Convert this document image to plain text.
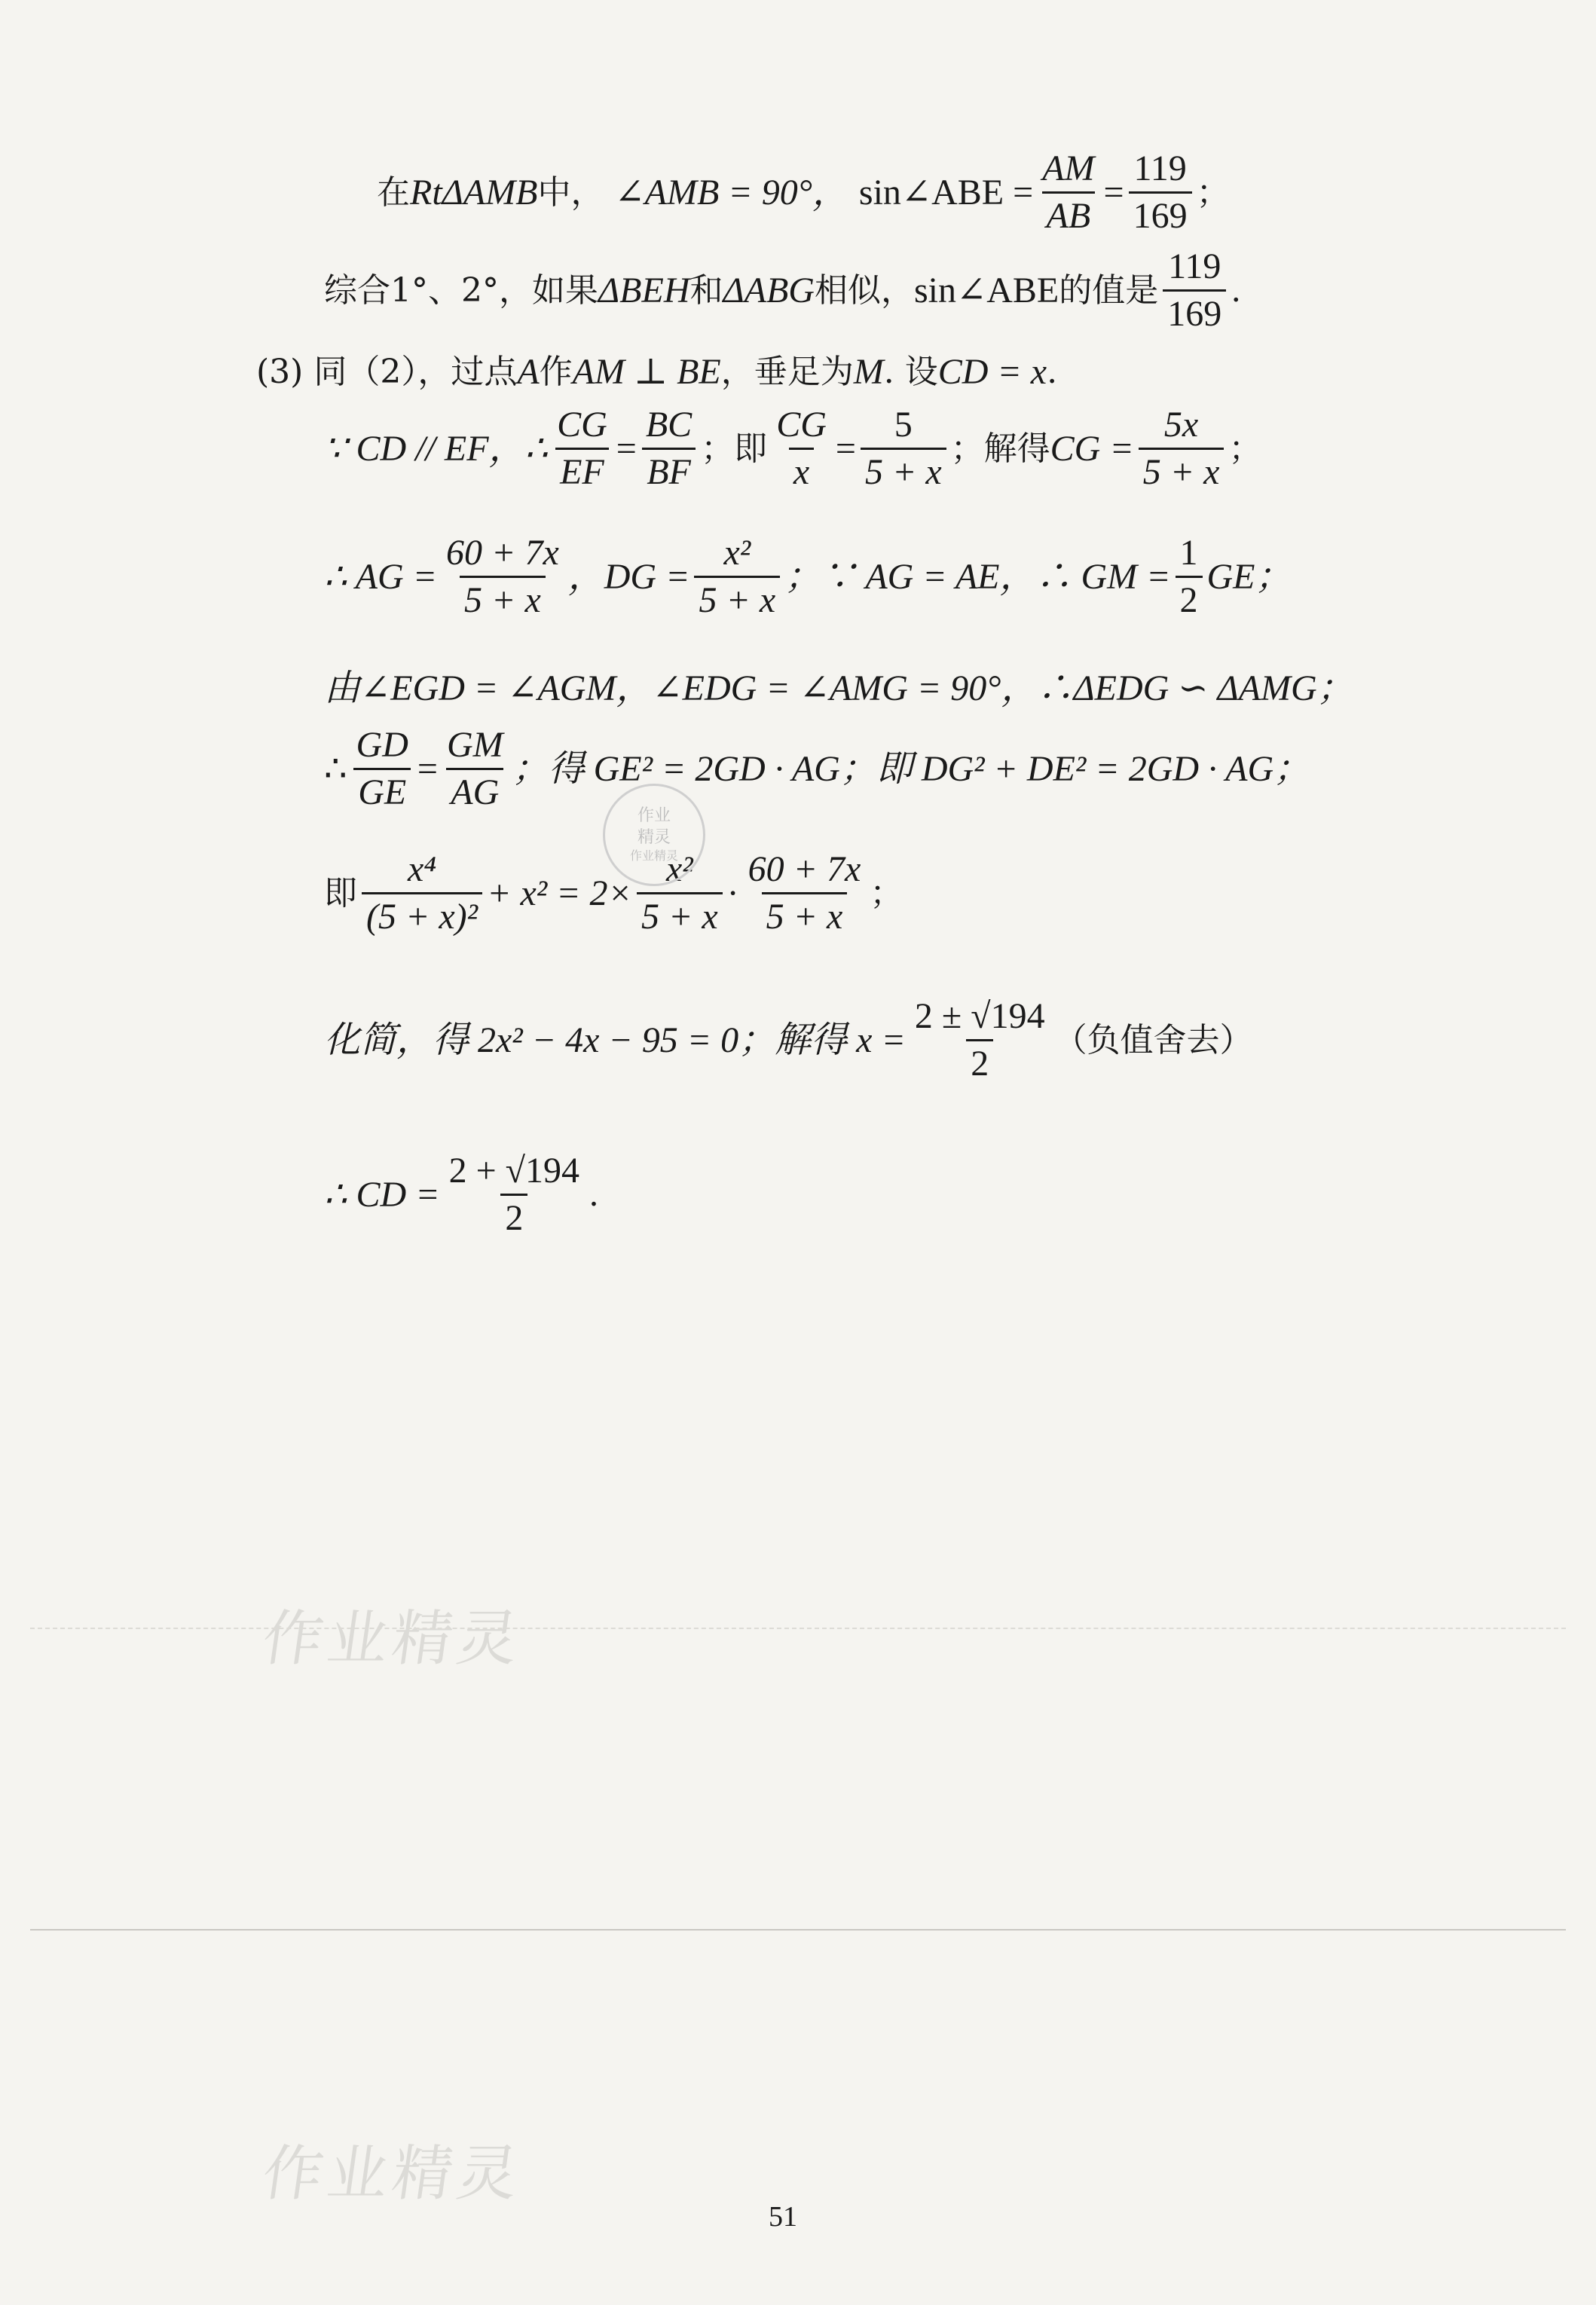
在 RtΔAMB 中， ∠AMB = 90°， sin∠ABE = $\frac{AM}{AB} = \frac{119}{169}$ ；
综合1°、2°，如果 ΔBEH 和 ΔABG 相似， sin∠ABE 的值是 $\frac{119}{169}$ .
(3) 同（2），过点 A 作 AM ⊥ BE ，垂足为 M . 设 CD = x .
∵ CD // EF，∴ $\frac{CG}{EF} = \frac{BC}{BF}$ ；即 $\frac{CG}{x} = \frac{5}{5 + x}$ ；解得 CG = $\frac{5x}{5 + x}$ ；
∴ AG = $\frac{60 + 7x}{5 + x}$ ，DG = $\frac{\text{x²}}{5 + x}$ ；∵ AG = AE，∴ GM = $\frac{1}{2}$ GE；
由∠EGD = ∠AGM，∠EDG = ∠AMG = 90°，∴ΔEDG ∽ ΔAMG；
∴ $\frac{GD}{GE} = \frac{GM}{AG}$ ；得 GE² = 2GD · AG；即 DG² + DE² = 2GD · AG；
即 $\frac{\text{x⁴}}{\text{(5 + x)²}} + x^2 = 2\times \frac{\text{x²}}{5 + x} \cdot \frac{60 + 7x}{5 + x}$ ；
化简，得 2x² − 4x − 95 = 0；解得 $x = \frac{2 \pm √194}{2}$ （负值舍去）
∴ CD = $\frac{2 + √194}{2}$ .
作业
精灵
作业精灵
作业精灵
作业精灵
51
